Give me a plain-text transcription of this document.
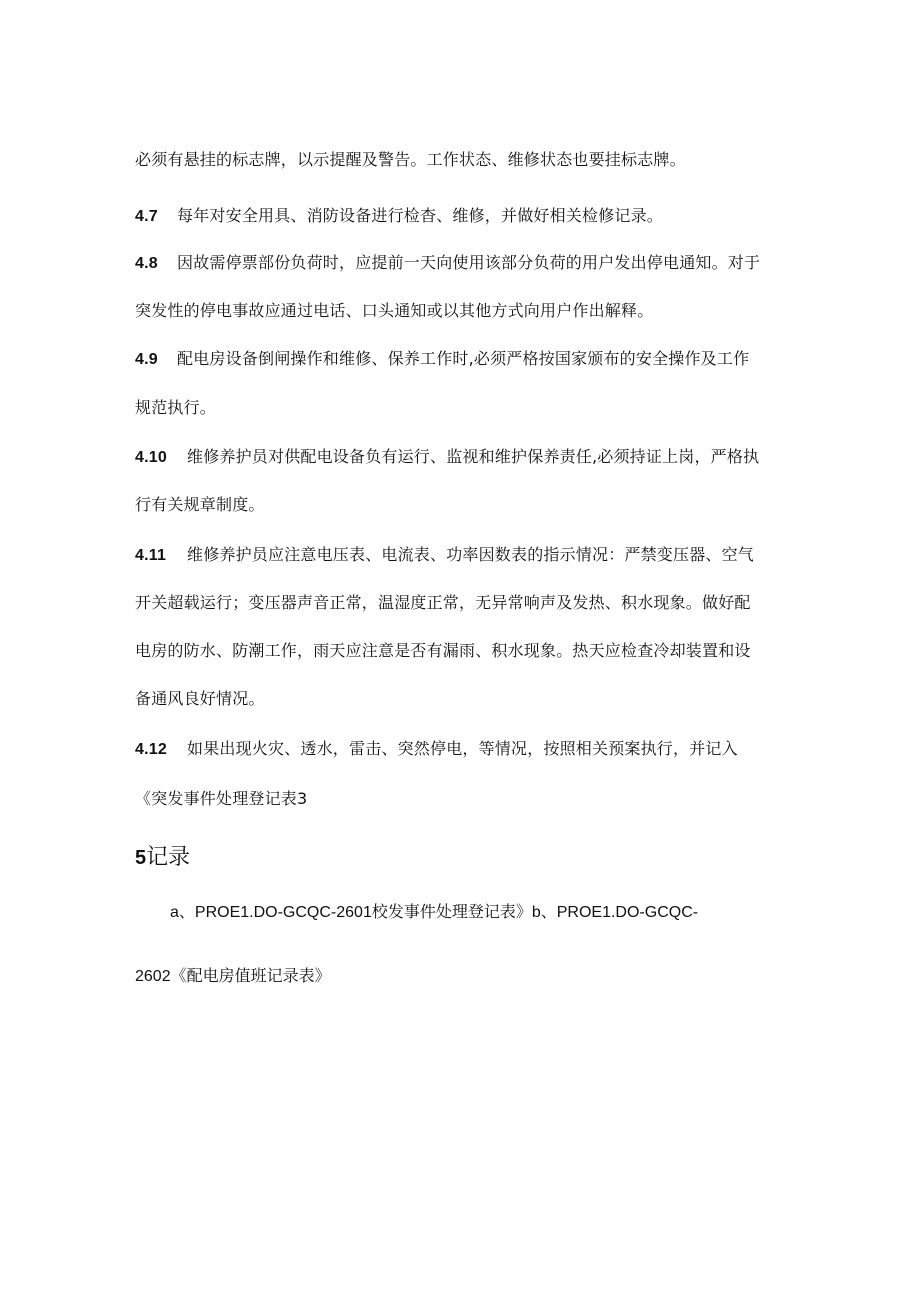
必须有悬挂的标志牌，以示提醒及警告。工作状态、维修状态也要挂标志牌。
4.7 每年对安全用具、消防设备进行检杳、维修，并做好相关检修记录。
4.8 因故需停票部份负荷时，应提前一天向使用该部分负荷的用户发出停电通知。对于
突发性的停电事故应通过电话、口头通知或以其他方式向用户作出解释。
4.9 配电房设备倒闸操作和维修、保养工作时,必须严格按国家颁布的安全操作及工作
规范执行。
4.10 维修养护员对供配电设备负有运行、监视和维护保养责任,必须持证上岗，严格执
行有关规章制度。
4.11 维修养护员应注意电压表、电流表、功率因数表的指示情况：严禁变压器、空气
开关超载运行；变压器声音正常，温湿度正常，无异常响声及发热、积水现象。做好配
电房的防水、防潮工作，雨天应注意是否有漏雨、积水现象。热天应检查冷却装置和设
备通风良好情况。
4.12 如果出现火灾、透水，雷击、突然停电，等情况，按照相关预案执行，并记入
《突发事件处理登记表3
5记录
a、PROE1.DO-GCQC-2601校发事件处理登记表》b、PROE1.DO-GCQC-
2602《配电房值班记录表》
